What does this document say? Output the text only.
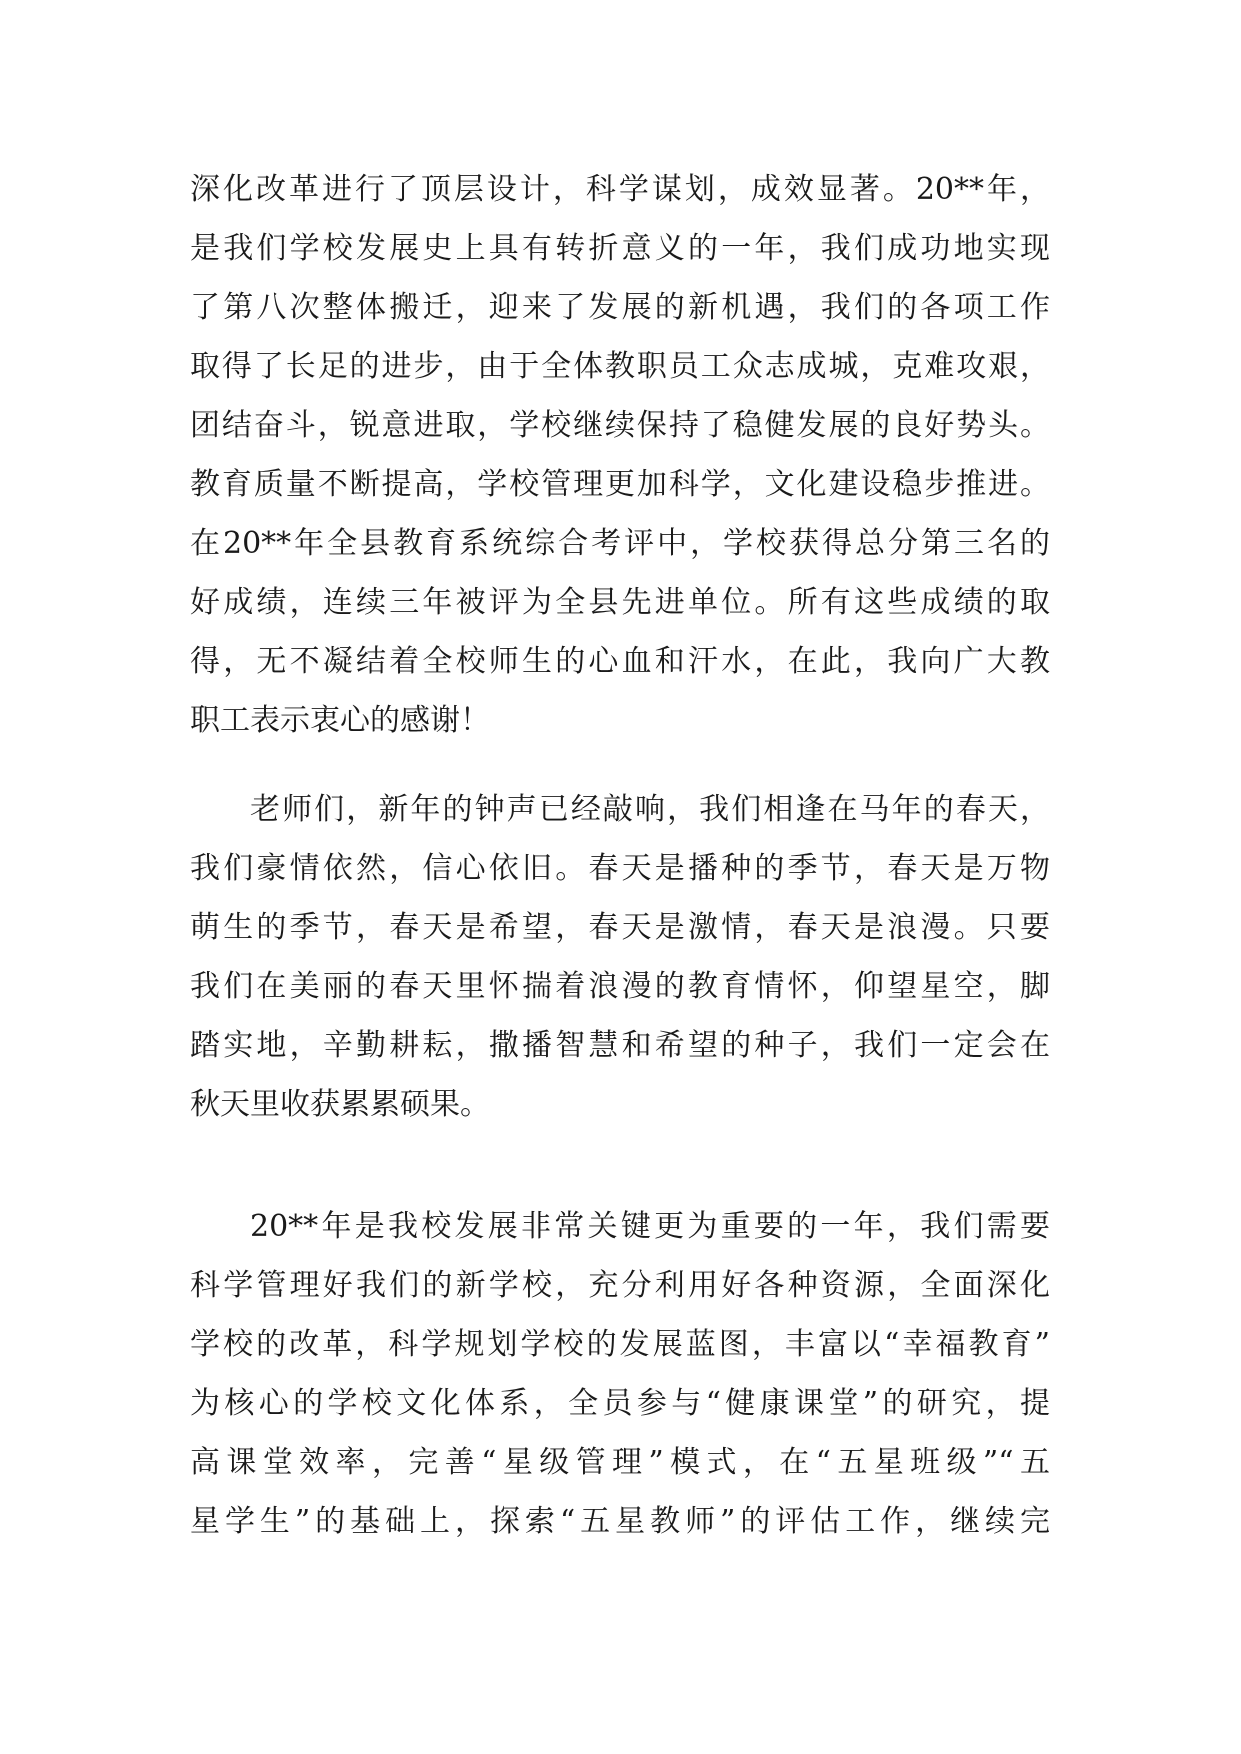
深化改革进行了顶层设计，科学谋划，成效显著。20**年，
是我们学校发展史上具有转折意义的一年，我们成功地实现
了第八次整体搬迁，迎来了发展的新机遇，我们的各项工作
取得了长足的进步，由于全体教职员工众志成城，克难攻艰，
团结奋斗，锐意进取，学校继续保持了稳健发展的良好势头。
教育质量不断提高，学校管理更加科学，文化建设稳步推进。
在20**年全县教育系统综合考评中，学校获得总分第三名的
好成绩，连续三年被评为全县先进单位。所有这些成绩的取
得，无不凝结着全校师生的心血和汗水，在此，我向广大教
职工表示衷心的感谢！
老师们，新年的钟声已经敲响，我们相逢在马年的春天，
我们豪情依然，信心依旧。春天是播种的季节，春天是万物
萌生的季节，春天是希望，春天是激情，春天是浪漫。只要
我们在美丽的春天里怀揣着浪漫的教育情怀，仰望星空，脚
踏实地，辛勤耕耘，撒播智慧和希望的种子，我们一定会在
秋天里收获累累硕果。
20**年是我校发展非常关键更为重要的一年，我们需要
科学管理好我们的新学校，充分利用好各种资源，全面深化
学校的改革，科学规划学校的发展蓝图，丰富以“幸福教育”
为核心的学校文化体系，全员参与“健康课堂”的研究，提
高课堂效率，完善“星级管理”模式，在“五星班级”“五
星学生”的基础上，探索“五星教师”的评估工作，继续完
